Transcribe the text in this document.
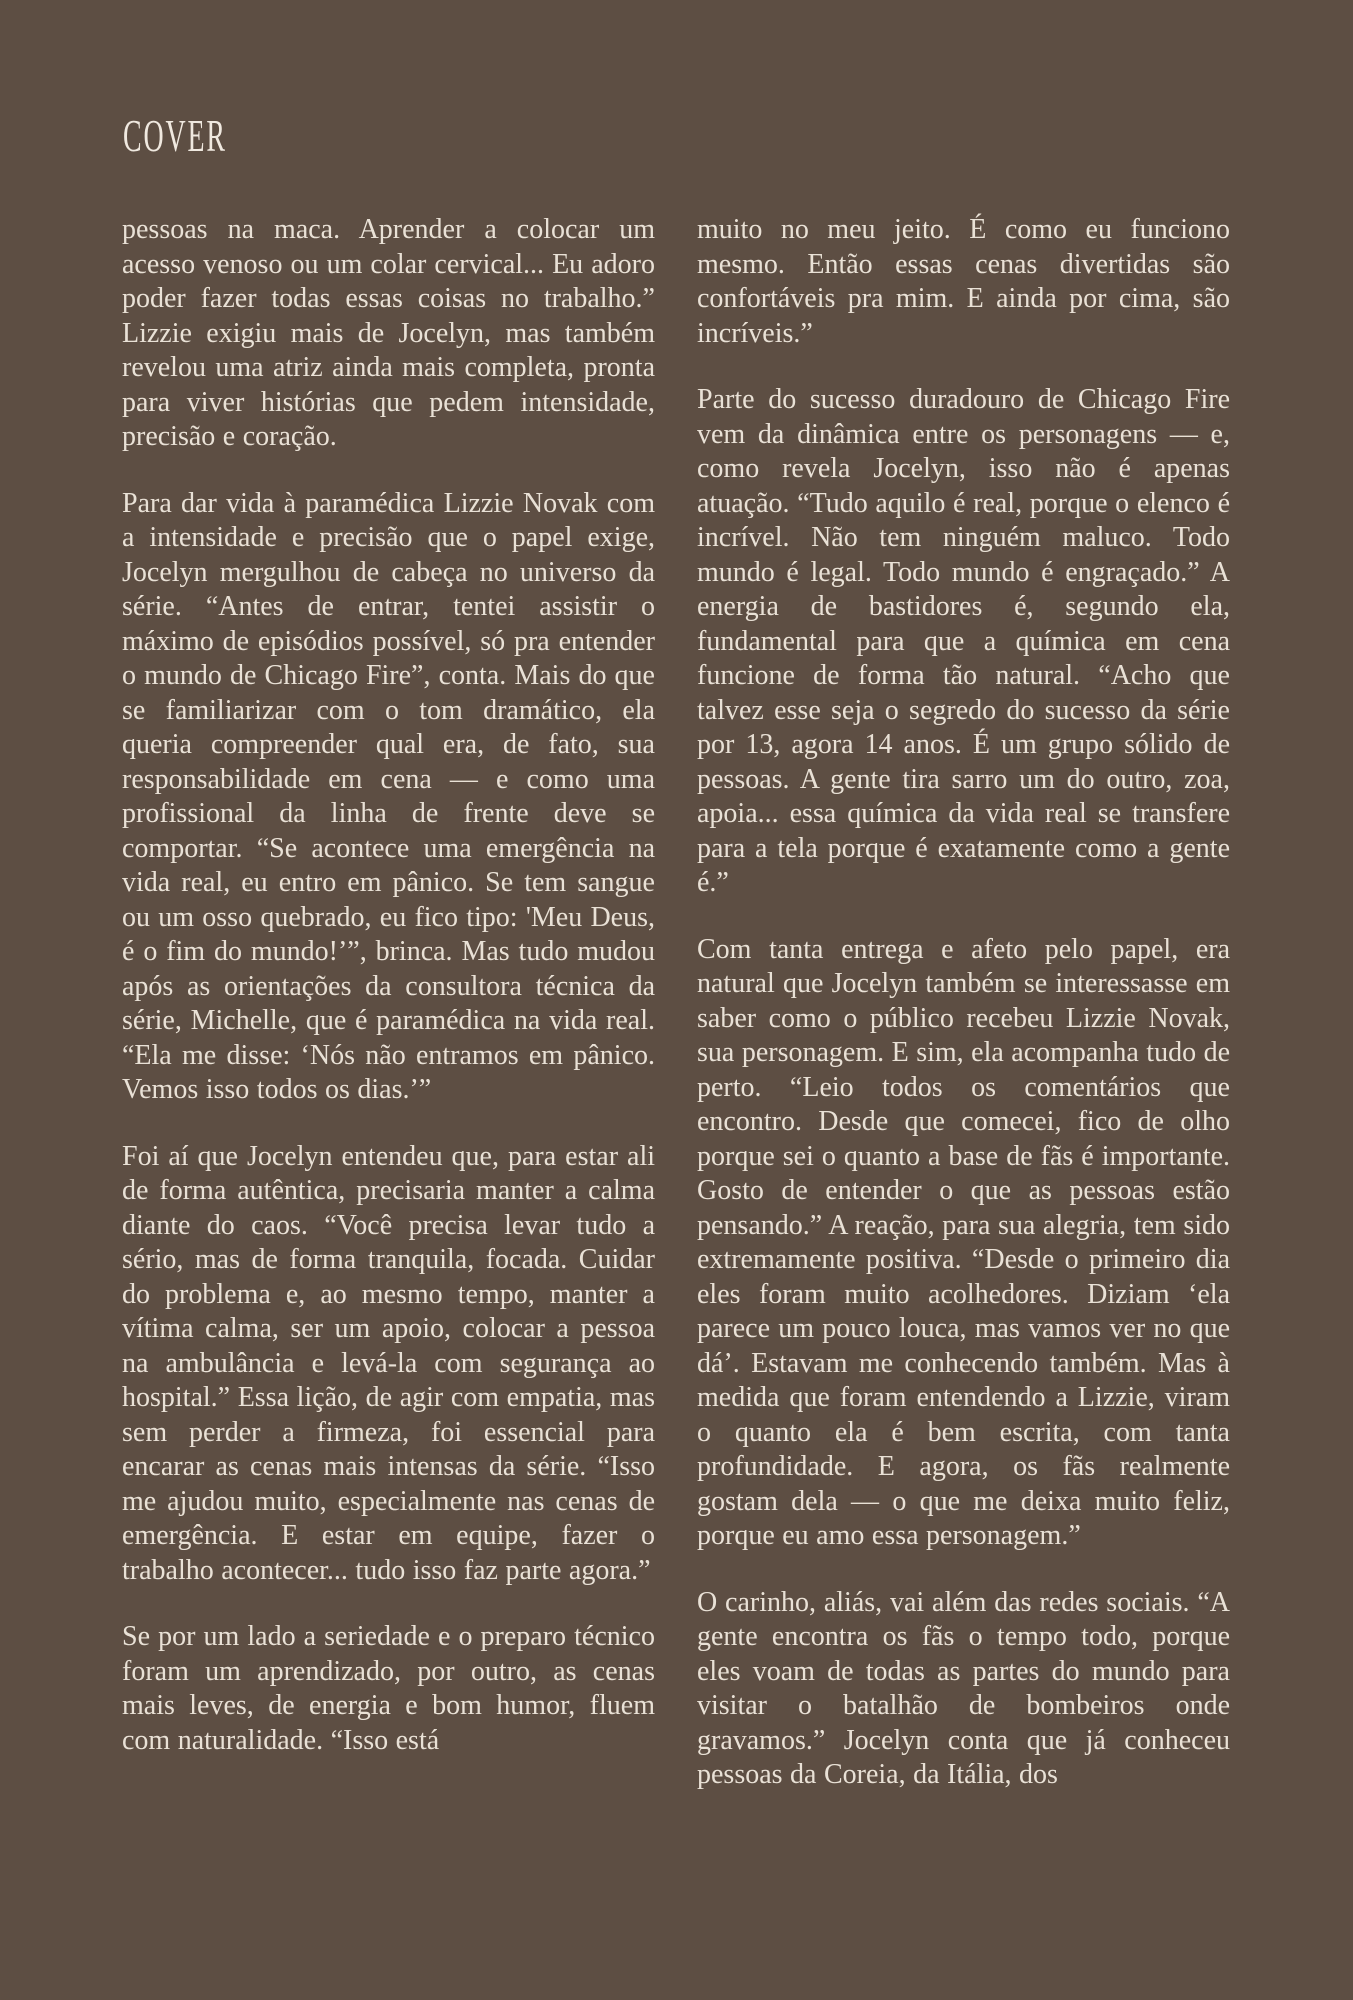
COVER

pessoas na maca. Aprender a colocar um acesso venoso ou um colar cervical... Eu adoro poder fazer todas essas coisas no trabalho.” Lizzie exigiu mais de Jocelyn, mas também revelou uma atriz ainda mais completa, pronta para viver histórias que pedem intensidade, precisão e coração.

Para dar vida à paramédica Lizzie Novak com a intensidade e precisão que o papel exige, Jocelyn mergulhou de cabeça no universo da série. “Antes de entrar, tentei assistir o máximo de episódios possível, só pra entender o mundo de Chicago Fire”, conta. Mais do que se familiarizar com o tom dramático, ela queria compreender qual era, de fato, sua responsabilidade em cena — e como uma profissional da linha de frente deve se comportar. “Se acontece uma emergência na vida real, eu entro em pânico. Se tem sangue ou um osso quebrado, eu fico tipo: 'Meu Deus, é o fim do mundo!’”, brinca. Mas tudo mudou após as orientações da consultora técnica da série, Michelle, que é paramédica na vida real. “Ela me disse: ‘Nós não entramos em pânico. Vemos isso todos os dias.’”

Foi aí que Jocelyn entendeu que, para estar ali de forma autêntica, precisaria manter a calma diante do caos. “Você precisa levar tudo a sério, mas de forma tranquila, focada. Cuidar do problema e, ao mesmo tempo, manter a vítima calma, ser um apoio, colocar a pessoa na ambulância e levá-la com segurança ao hospital.” Essa lição, de agir com empatia, mas sem perder a firmeza, foi essencial para encarar as cenas mais intensas da série. “Isso me ajudou muito, especialmente nas cenas de emergência. E estar em equipe, fazer o trabalho acontecer... tudo isso faz parte agora.”

Se por um lado a seriedade e o preparo técnico foram um aprendizado, por outro, as cenas mais leves, de energia e bom humor, fluem com naturalidade. “Isso está

muito no meu jeito. É como eu funciono mesmo. Então essas cenas divertidas são confortáveis pra mim. E ainda por cima, são incríveis.”

Parte do sucesso duradouro de Chicago Fire vem da dinâmica entre os personagens — e, como revela Jocelyn, isso não é apenas atuação. “Tudo aquilo é real, porque o elenco é incrível. Não tem ninguém maluco. Todo mundo é legal. Todo mundo é engraçado.” A energia de bastidores é, segundo ela, fundamental para que a química em cena funcione de forma tão natural. “Acho que talvez esse seja o segredo do sucesso da série por 13, agora 14 anos. É um grupo sólido de pessoas. A gente tira sarro um do outro, zoa, apoia... essa química da vida real se transfere para a tela porque é exatamente como a gente é.”

Com tanta entrega e afeto pelo papel, era natural que Jocelyn também se interessasse em saber como o público recebeu Lizzie Novak, sua personagem. E sim, ela acompanha tudo de perto. “Leio todos os comentários que encontro. Desde que comecei, fico de olho porque sei o quanto a base de fãs é importante. Gosto de entender o que as pessoas estão pensando.” A reação, para sua alegria, tem sido extremamente positiva. “Desde o primeiro dia eles foram muito acolhedores. Diziam ‘ela parece um pouco louca, mas vamos ver no que dá’. Estavam me conhecendo também. Mas à medida que foram entendendo a Lizzie, viram o quanto ela é bem escrita, com tanta profundidade. E agora, os fãs realmente gostam dela — o que me deixa muito feliz, porque eu amo essa personagem.”

O carinho, aliás, vai além das redes sociais. “A gente encontra os fãs o tempo todo, porque eles voam de todas as partes do mundo para visitar o batalhão de bombeiros onde gravamos.” Jocelyn conta que já conheceu pessoas da Coreia, da Itália, dos
